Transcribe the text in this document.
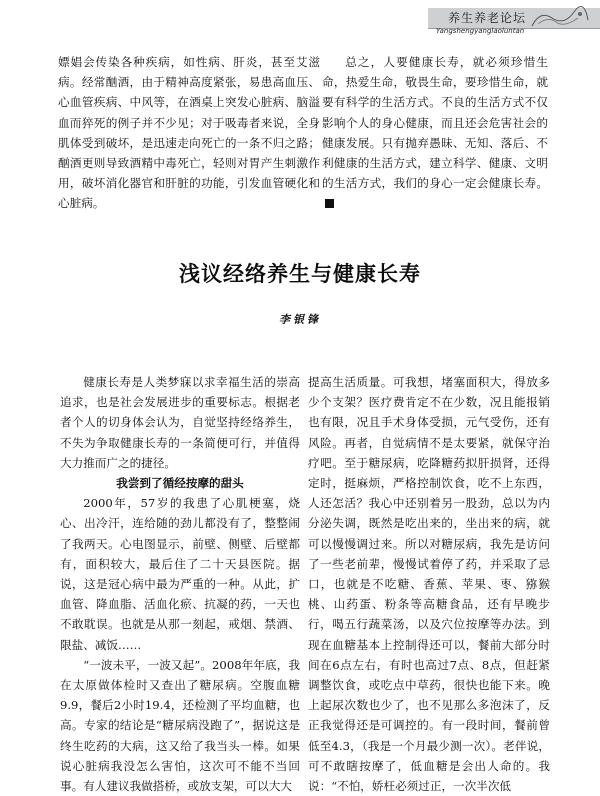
养生养老论坛
Yangshengyanglaoluntan

嫖娼会传染各种疾病，如性病、肝炎，甚至艾滋病。经常酗酒，由于精神高度紧张，易患高血压、心血管疾病、中风等，在酒桌上突发心脏病、脑溢血而猝死的例子并不少见；对于吸毒者来说，全身肌体受到破坏，是迅速走向死亡的一条不归之路；酗酒更则导致酒精中毒死亡，轻则对胃产生刺激作用，破坏消化器官和肝脏的功能，引发血管硬化和心脏病。

总之，人要健康长寿，就必须珍惜生命，热爱生命，敬畏生命，要珍惜生命，就要有科学的生活方式。不良的生活方式不仅影响个人的身心健康，而且还会危害社会的健康发展。只有抛弃愚昧、无知、落后、不利健康的生活方式，建立科学、健康、文明的生活方式，我们的身心一定会健康长寿。

浅议经络养生与健康长寿
李银锋

健康长寿是人类梦寐以求幸福生活的崇高追求，也是社会发展进步的重要标志。根据老者个人的切身体会认为，自觉坚持经络养生，不失为争取健康长寿的一条简便可行，并值得大力推而广之的捷径。

我尝到了循经按摩的甜头

2000年，57岁的我患了心肌梗塞，烧心、出冷汗，连给随的劲儿都没有了，整整闹了我两天。心电图显示，前壁、侧壁、后壁都有，面积较大，最后住了二十天县医院。据说，这是冠心病中最为严重的一种。从此，扩血管、降血脂、活血化瘀、抗凝的药，一天也不敢耽误。也就是从那一刻起，戒烟、禁酒、限盐、减饭……

“一波未平，一波又起”。2008年年底，我在太原做体检时又查出了糖尿病。空腹血糖9.9，餐后2小时19.4，还检测了平均血糖，也高。专家的结论是“糖尿病没跑了”，据说这是终生吃药的大病，这又给了我当头一棒。如果说心脏病我没怎么害怕，这次可不能不当回事。有人建议我做搭桥，或放支架，可以大大

提高生活质量。可我想，堵塞面积大，得放多少个支架？医疗费肯定不在少数，况且能报销也有限，况且手术身体受损，元气受伤，还有风险。再者，自觉病情不是太要紧，就保守治疗吧。至于糖尿病，吃降糖药拟肝损肾，还得定时，挺麻烦，严格控制饮食，吃不上东西，人还怎活？我心中还别着另一股劲，总以为内分泌失调，既然是吃出来的，坐出来的病，就可以慢慢调过来。所以对糖尿病，我先是访问了一些老前辈，慢慢试着停了药，并采取了忌口，也就是不吃糖、香蕉、苹果、枣、猕猴桃、山药蛋、粉条等高糖食品，还有早晚步行，喝五行蔬菜汤，以及穴位按摩等办法。到现在血糖基本上控制得还可以，餐前大部分时间在6点左右，有时也高过7点、8点，但赶紧调整饮食，或吃点中草药，很快也能下来。晚上起尿次数也少了，也不见那么多泡沫了，反正我觉得还是可调控的。有一段时间，餐前曾低至4.3，（我是一个月最少测一次）。老伴说，可不敢瞎按摩了，低血糖是会出人命的。我说：“不怕，娇枉必须过正，一次半次低
